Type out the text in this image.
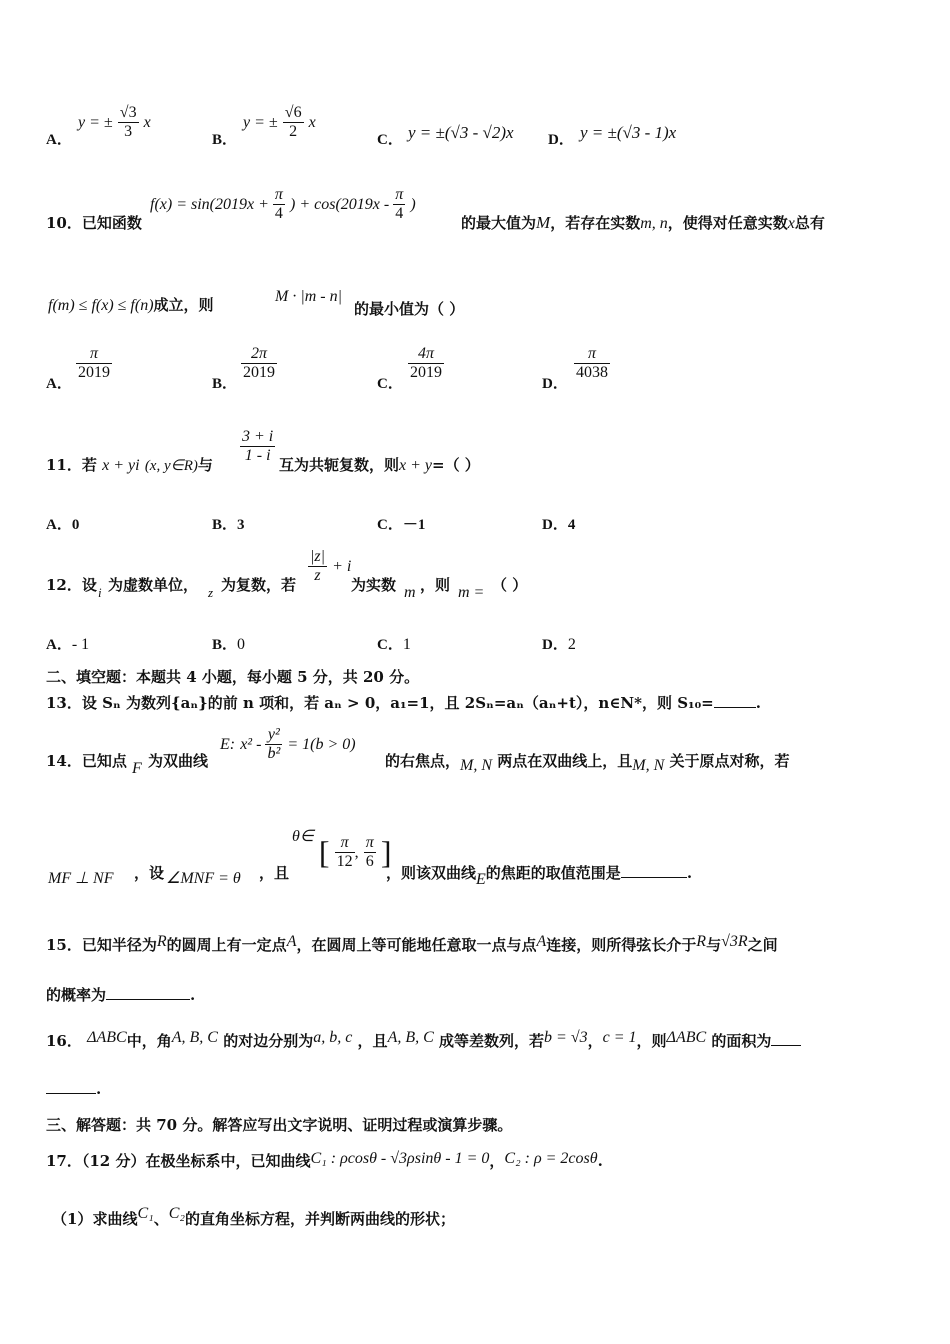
A．
y = ± $\frac{√3}{3}$ x
B．
y = ± $\frac{√6}{2}$ x
C． y = ±(√3 - √2)x D． y = ±(√3 - 1)x
10．已知函数
$f(x) = \sin(2019x + \frac{\pi}{4}$ ) + $\cos(2019x - \frac{\pi}{4}$ )
的最大值为M，若存在实数m, n，使得对任意实数x总有
f(m) ≤ f(x) ≤ f(n)成立，则	M · |m - n|
的最小值为（ ）
A．
$\frac{\pi}{2019}$
B．
$\frac{2\pi}{2019}$
C．
$\frac{4\pi}{2019}$
D．
$\frac{\pi}{4038}$
11．若 x + yi (x, y∈R)与 $\frac{3 + i}{1 - i}$ 互为共轭复数，则x + y=（ ）
A．0	B．3	C．－1	D．4
12．设 i 为虚数单位， z 为复数，若 $\frac{|z|}{z} + i$
为实数 m ，则 m = （ ）
A．- 1	B．0	C．1	D．2
二、填空题：本题共 4 小题，每小题 5 分，共 20 分。
13．设 Sₙ 为数列{aₙ}的前 n 项和，若 aₙ > 0，a₁=1，且 2Sₙ=aₙ（aₙ+t），n∈N*，则 S₁₀=	.
14．已知点 F 为双曲线
E: $x^2 - \frac{\text{y²}}{\text{b²}} = 1(b > 0)$
的右焦点，M, N 两点在双曲线上，且M, N 关于原点对称，若
MF ⊥ NF ，设 ∠MNF = θ ，且
θ∈ [ $\frac{\pi}{12}$ , $\frac{\pi}{6}$ ]
，则该双曲线E的焦距的取值范围是	.
15．已知半径为R的圆周上有一定点A，在圆周上等可能地任意取一点与点A连接，则所得弦长介于R与√3R之间
的概率为	.
16． ΔABC中，角A, B, C 的对边分别为a, b, c ，且A, B, C 成等差数列，若b = √3，c = 1，则ΔABC 的面积为
.
三、解答题：共 70 分。解答应写出文字说明、证明过程或演算步骤。
17．（12 分）在极坐标系中，已知曲线C₁ : ρcosθ - √3ρsinθ - 1 = 0，C₂ : ρ = 2cosθ.
（1）求曲线C₁、C₂的直角坐标方程，并判断两曲线的形状；
